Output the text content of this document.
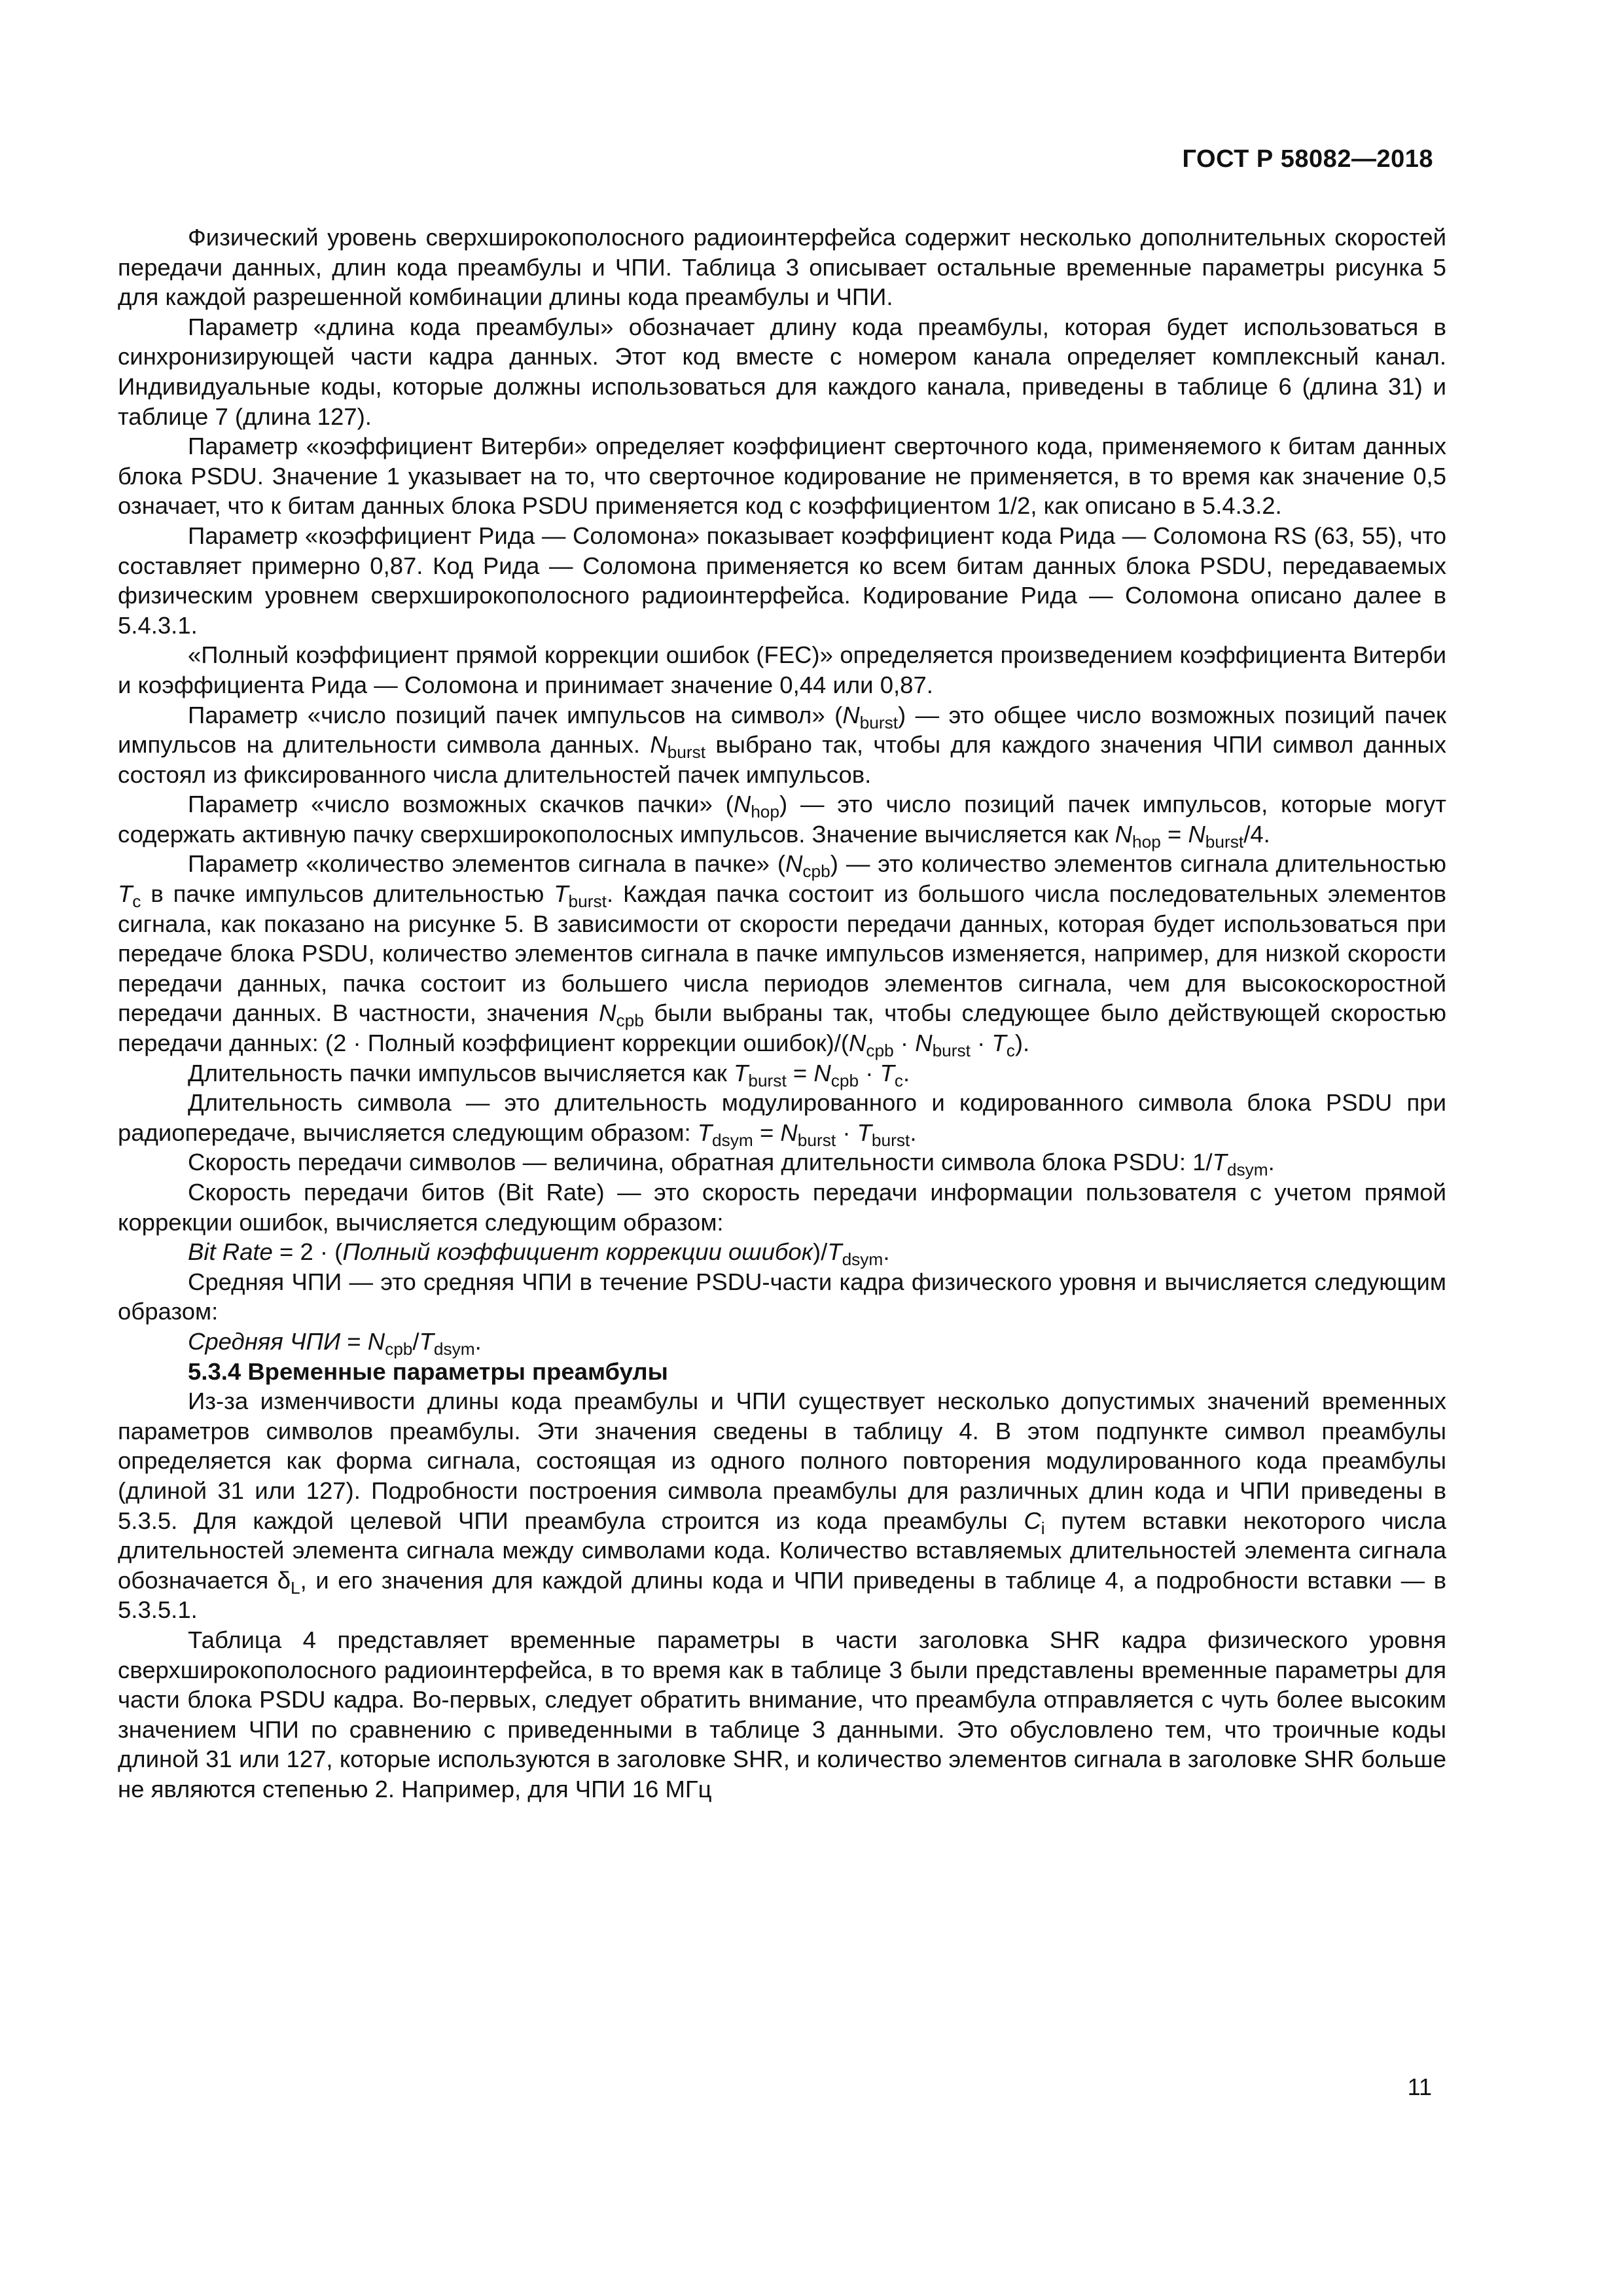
ГОСТ Р 58082—2018

Физический уровень сверхширокополосного радиоинтерфейса содержит несколько дополнительных скоростей передачи данных, длин кода преамбулы и ЧПИ. Таблица 3 описывает остальные временные параметры рисунка 5 для каждой разрешенной комбинации длины кода преамбулы и ЧПИ.

Параметр «длина кода преамбулы» обозначает длину кода преамбулы, которая будет использоваться в синхронизирующей части кадра данных. Этот код вместе с номером канала определяет комплексный канал. Индивидуальные коды, которые должны использоваться для каждого канала, приведены в таблице 6 (длина 31) и таблице 7 (длина 127).

Параметр «коэффициент Витерби» определяет коэффициент сверточного кода, применяемого к битам данных блока PSDU. Значение 1 указывает на то, что сверточное кодирование не применяется, в то время как значение 0,5 означает, что к битам данных блока PSDU применяется код с коэффициентом 1/2, как описано в 5.4.3.2.

Параметр «коэффициент Рида — Соломона» показывает коэффициент кода Рида — Соломона RS (63, 55), что составляет примерно 0,87. Код Рида — Соломона применяется ко всем битам данных блока PSDU, передаваемых физическим уровнем сверхширокополосного радиоинтерфейса. Кодирование Рида — Соломона описано далее в 5.4.3.1.

«Полный коэффициент прямой коррекции ошибок (FEC)» определяется произведением коэффициента Витерби и коэффициента Рида — Соломона и принимает значение 0,44 или 0,87.

Параметр «число позиций пачек импульсов на символ» $(N_{burst})$ — это общее число возможных позиций пачек импульсов на длительности символа данных. $N_{burst}$ выбрано так, чтобы для каждого значения ЧПИ символ данных состоял из фиксированного числа длительностей пачек импульсов.

Параметр «число возможных скачков пачки» $(N_{hop})$ — это число позиций пачек импульсов, которые могут содержать активную пачку сверхширокополосных импульсов. Значение вычисляется как $N_{hop} = N_{burst}/4$.

Параметр «количество элементов сигнала в пачке» $(N_{cpb})$ — это количество элементов сигнала длительностью $T_c$ в пачке импульсов длительностью $T_{burst}$. Каждая пачка состоит из большого числа последовательных элементов сигнала, как показано на рисунке 5. В зависимости от скорости передачи данных, которая будет использоваться при передаче блока PSDU, количество элементов сигнала в пачке импульсов изменяется, например, для низкой скорости передачи данных, пачка состоит из большего числа периодов элементов сигнала, чем для высокоскоростной передачи данных. В частности, значения $N_{cpb}$ были выбраны так, чтобы следующее было действующей скоростью передачи данных: (2 · Полный коэффициент коррекции $ошибок)/(N_{cpb} \cdot N_{burst} \cdot T_c)$.

Длительность пачки импульсов вычисляется как $T_{burst} = N_{cpb} \cdot T_c$.

Длительность символа — это длительность модулированного и кодированного символа блока PSDU при радиопередаче, вычисляется следующим образом: $T_{dsym} = N_{burst} \cdot T_{burst}$.

Скорость передачи символов — величина, обратная длительности символа блока PSDU: $1/T_{dsym}$.

Скорость передачи битов (Bit Rate) — это скорость передачи информации пользователя с учетом прямой коррекции ошибок, вычисляется следующим образом:

Bit Rate = 2 · (Полный коэффициент коррекции $ошибок)/T_{dsym}$.

Средняя ЧПИ — это средняя ЧПИ в течение PSDU-части кадра физического уровня и вычисляется следующим образом:

Средняя ЧПИ = $N_{cpb}/T_{dsym}$.

5.3.4 Временные параметры преамбулы

Из-за изменчивости длины кода преамбулы и ЧПИ существует несколько допустимых значений временных параметров символов преамбулы. Эти значения сведены в таблицу 4. В этом подпункте символ преамбулы определяется как форма сигнала, состоящая из одного полного повторения модулированного кода преамбулы (длиной 31 или 127). Подробности построения символа преамбулы для различных длин кода и ЧПИ приведены в 5.3.5. Для каждой целевой ЧПИ преамбула строится из кода преамбулы $C_i$ путем вставки некоторого числа длительностей элемента сигнала между символами кода. Количество вставляемых длительностей элемента сигнала обозначается $\delta_L$, и его значения для каждой длины кода и ЧПИ приведены в таблице 4, а подробности вставки — в 5.3.5.1.

Таблица 4 представляет временные параметры в части заголовка SHR кадра физического уровня сверхширокополосного радиоинтерфейса, в то время как в таблице 3 были представлены временные параметры для части блока PSDU кадра. Во-первых, следует обратить внимание, что преамбула отправляется с чуть более высоким значением ЧПИ по сравнению с приведенными в таблице 3 данными. Это обусловлено тем, что троичные коды длиной 31 или 127, которые используются в заголовке SHR, и количество элементов сигнала в заголовке SHR больше не являются степенью 2. Например, для ЧПИ 16 МГц

11
